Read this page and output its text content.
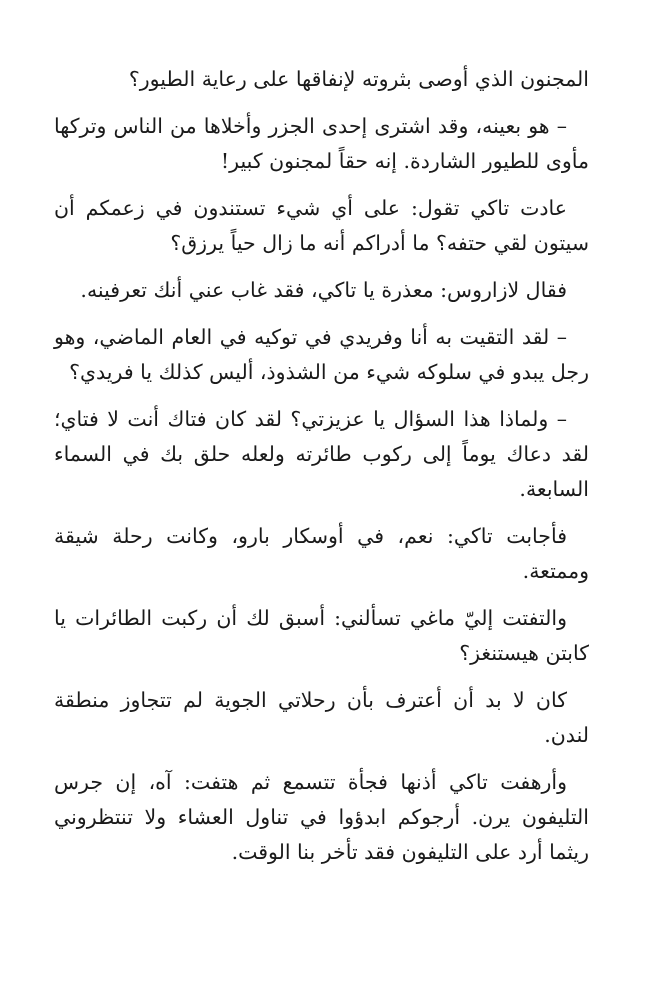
المجنون الذي أوصى بثروته لإنفاقها على رعاية الطيور؟

– هو بعينه، وقد اشترى إحدى الجزر وأخلاها من الناس وتركها مأوى للطيور الشاردة. إنه حقاً لمجنون كبير!

عادت تاكي تقول: على أي شيء تستندون في زعمكم أن سيتون لقي حتفه؟ ما أدراكم أنه ما زال حياً يرزق؟

فقال لازاروس: معذرة يا تاكي، فقد غاب عني أنك تعرفينه.

– لقد التقيت به أنا وفريدي في توكيه في العام الماضي، وهو رجل يبدو في سلوكه شيء من الشذوذ، أليس كذلك يا فريدي؟

– ولماذا هذا السؤال يا عزيزتي؟ لقد كان فتاك أنت لا فتاي؛ لقد دعاك يوماً إلى ركوب طائرته ولعله حلق بك في السماء السابعة.

فأجابت تاكي: نعم، في أوسكار بارو، وكانت رحلة شيقة وممتعة.

والتفتت إليّ ماغي تسألني: أسبق لك أن ركبت الطائرات يا كابتن هيستنغز؟

كان لا بد أن أعترف بأن رحلاتي الجوية لم تتجاوز منطقة لندن.

وأرهفت تاكي أذنها فجأة تتسمع ثم هتفت: آه، إن جرس التليفون يرن. أرجوكم ابدؤوا في تناول العشاء ولا تنتظروني ريثما أرد على التليفون فقد تأخر بنا الوقت.
